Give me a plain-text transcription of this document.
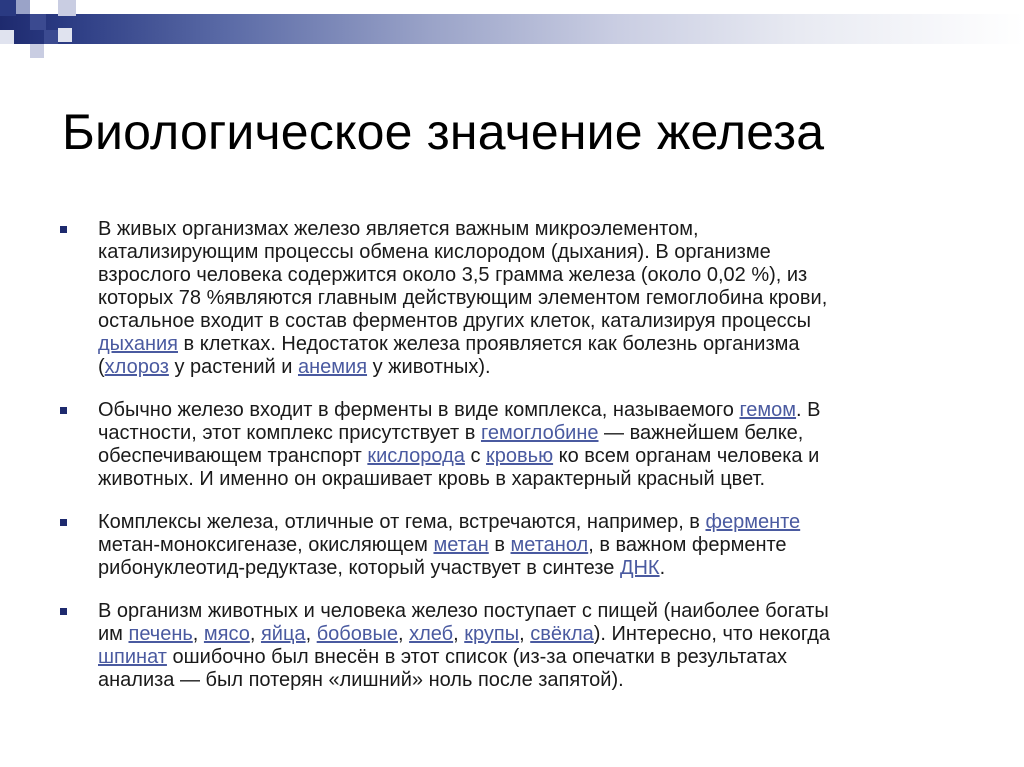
Биологическое значение железа
В живых организмах железо является важным микроэлементом,
катализирующим процессы обмена кислородом (дыхания). В организме
взрослого человека содержится около 3,5 грамма железа (около 0,02 %), из
которых 78 %являются главным действующим элементом гемоглобина крови,
остальное входит в состав ферментов других клеток, катализируя процессы
дыхания в клетках. Недостаток железа проявляется как болезнь организма
(хлороз у растений и анемия у животных).
Обычно железо входит в ферменты в виде комплекса, называемого гемом. В
частности, этот комплекс присутствует в гемоглобине — важнейшем белке,
обеспечивающем транспорт кислорода с кровью ко всем органам человека и
животных. И именно он окрашивает кровь в характерный красный цвет.
Комплексы железа, отличные от гема, встречаются, например, в ферменте
метан-моноксигеназе, окисляющем метан в метанол, в важном ферменте
рибонуклеотид-редуктазе, который участвует в синтезе ДНК.
В организм животных и человека железо поступает с пищей (наиболее богаты
им печень, мясо, яйца, бобовые, хлеб, крупы, свёкла). Интересно, что некогда
шпинат ошибочно был внесён в этот список (из-за опечатки в результатах
анализа — был потерян «лишний» ноль после запятой).
